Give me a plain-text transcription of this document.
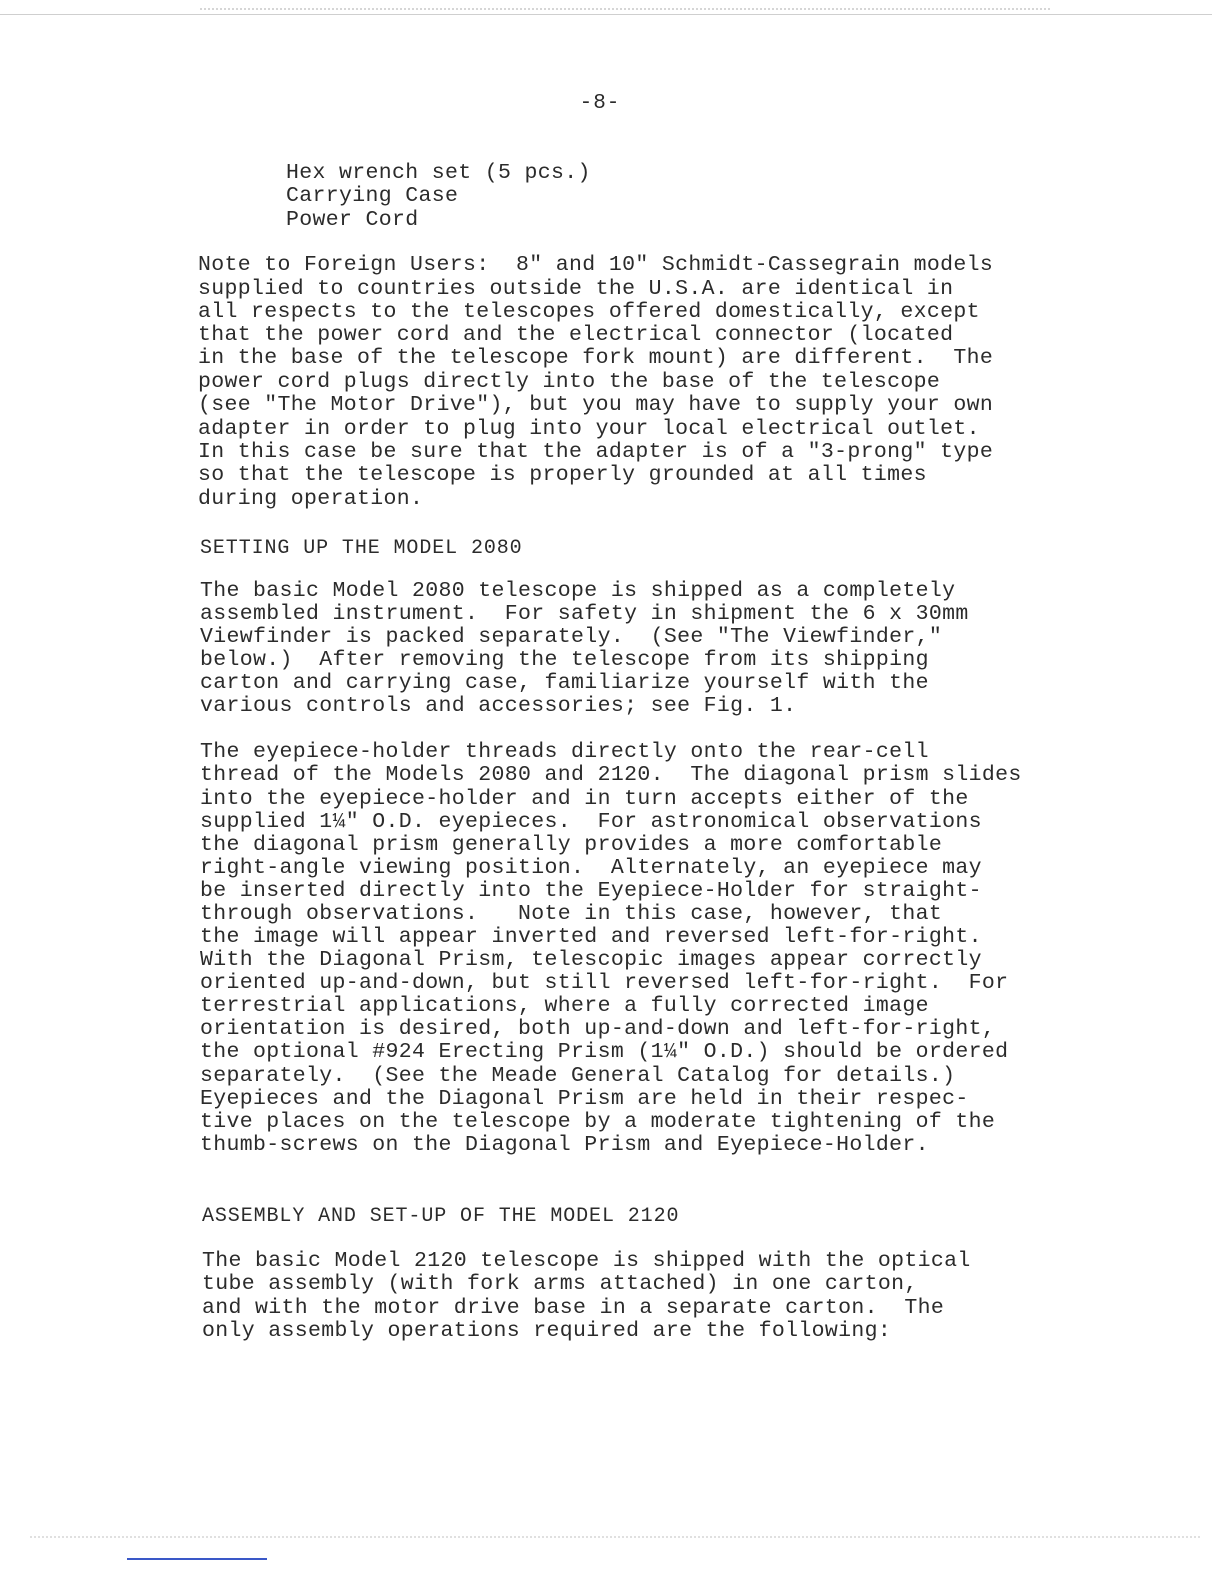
-8-
Hex wrench set (5 pcs.)
Carrying Case
Power Cord
Note to Foreign Users:  8" and 10" Schmidt-Cassegrain models
supplied to countries outside the U.S.A. are identical in
all respects to the telescopes offered domestically, except
that the power cord and the electrical connector (located
in the base of the telescope fork mount) are different.  The
power cord plugs directly into the base of the telescope
(see "The Motor Drive"), but you may have to supply your own
adapter in order to plug into your local electrical outlet.
In this case be sure that the adapter is of a "3-prong" type
so that the telescope is properly grounded at all times
during operation.
SETTING UP THE MODEL 2080
The basic Model 2080 telescope is shipped as a completely
assembled instrument.  For safety in shipment the 6 x 30mm
Viewfinder is packed separately.  (See "The Viewfinder,"
below.)  After removing the telescope from its shipping
carton and carrying case, familiarize yourself with the
various controls and accessories; see Fig. 1.
The eyepiece-holder threads directly onto the rear-cell
thread of the Models 2080 and 2120.  The diagonal prism slides
into the eyepiece-holder and in turn accepts either of the
supplied 1¼" O.D. eyepieces.  For astronomical observations
the diagonal prism generally provides a more comfortable
right-angle viewing position.  Alternately, an eyepiece may
be inserted directly into the Eyepiece-Holder for straight-
through observations.   Note in this case, however, that
the image will appear inverted and reversed left-for-right.
With the Diagonal Prism, telescopic images appear correctly
oriented up-and-down, but still reversed left-for-right.  For
terrestrial applications, where a fully corrected image
orientation is desired, both up-and-down and left-for-right,
the optional #924 Erecting Prism (1¼" O.D.) should be ordered
separately.  (See the Meade General Catalog for details.)
Eyepieces and the Diagonal Prism are held in their respec-
tive places on the telescope by a moderate tightening of the
thumb-screws on the Diagonal Prism and Eyepiece-Holder.
ASSEMBLY AND SET-UP OF THE MODEL 2120
The basic Model 2120 telescope is shipped with the optical
tube assembly (with fork arms attached) in one carton,
and with the motor drive base in a separate carton.  The
only assembly operations required are the following:
